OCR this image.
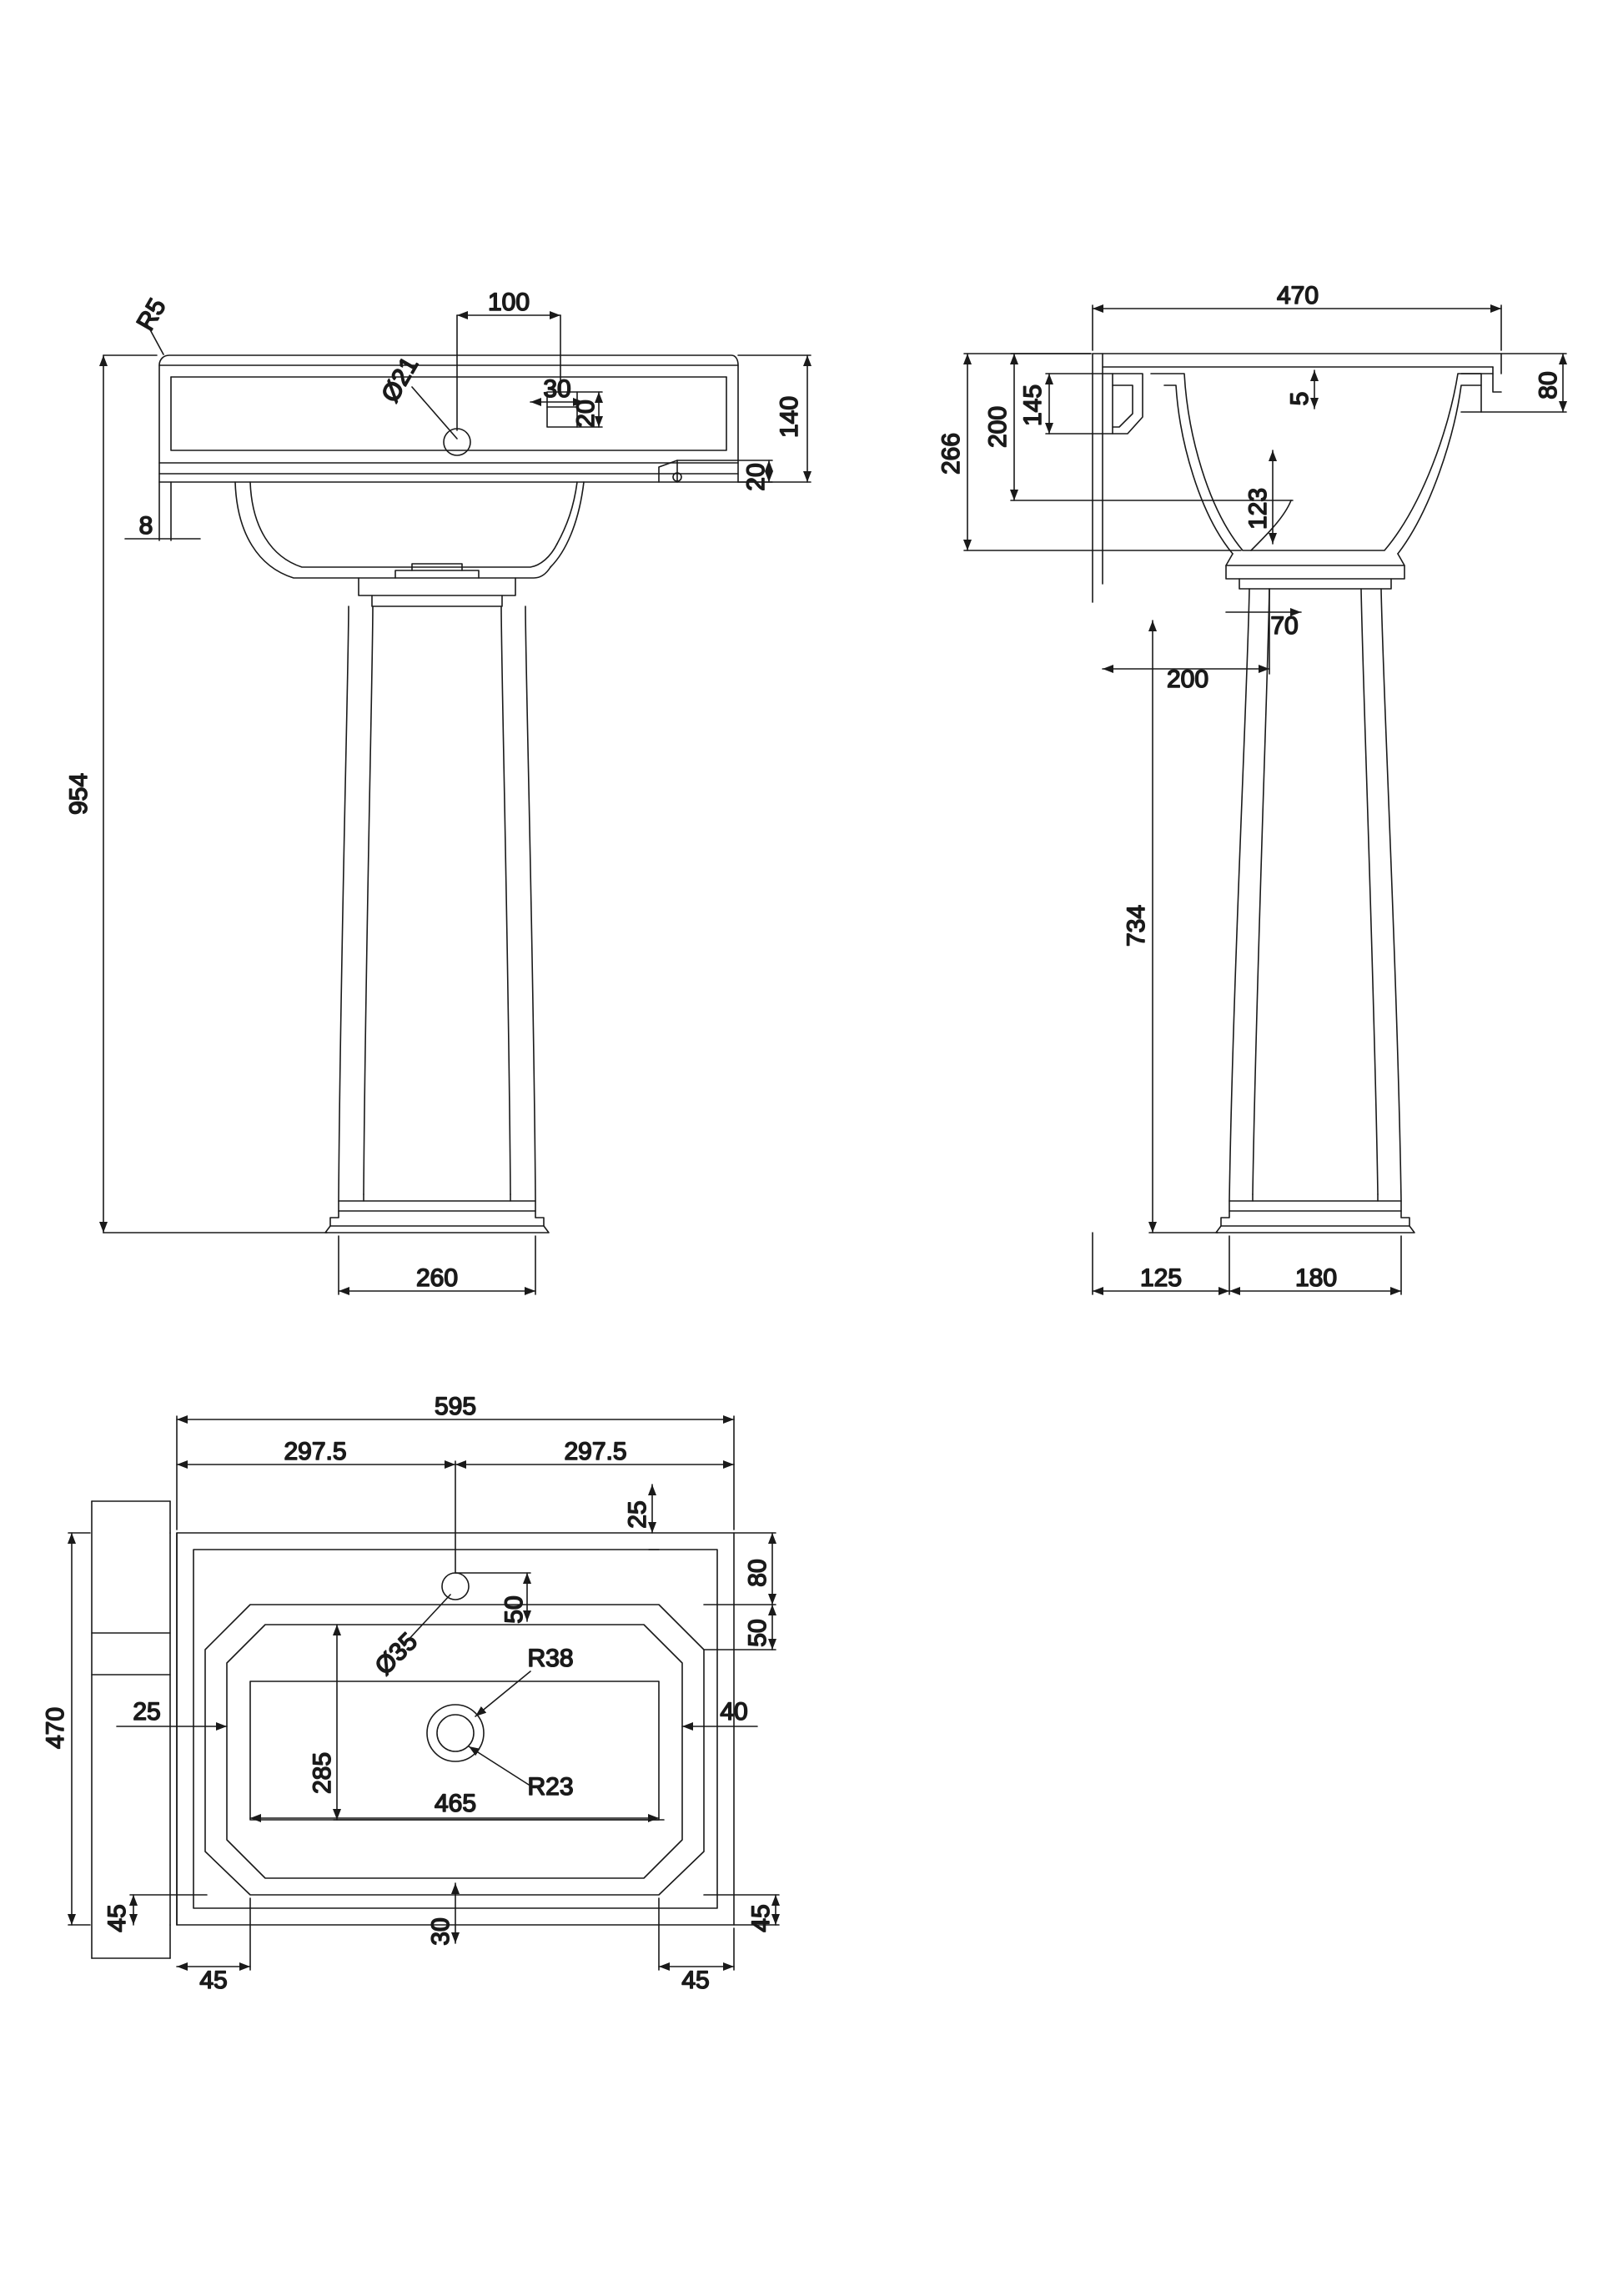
954
8
R5
Ø21
100
30
20
20
140
260
470
5	80
145
200
266
123
70
200
734
125	180
595
297.5	297.5
25
50
80
50
Ø35	R38
R23
40
25
470
285
465
45	45
45	45
30
